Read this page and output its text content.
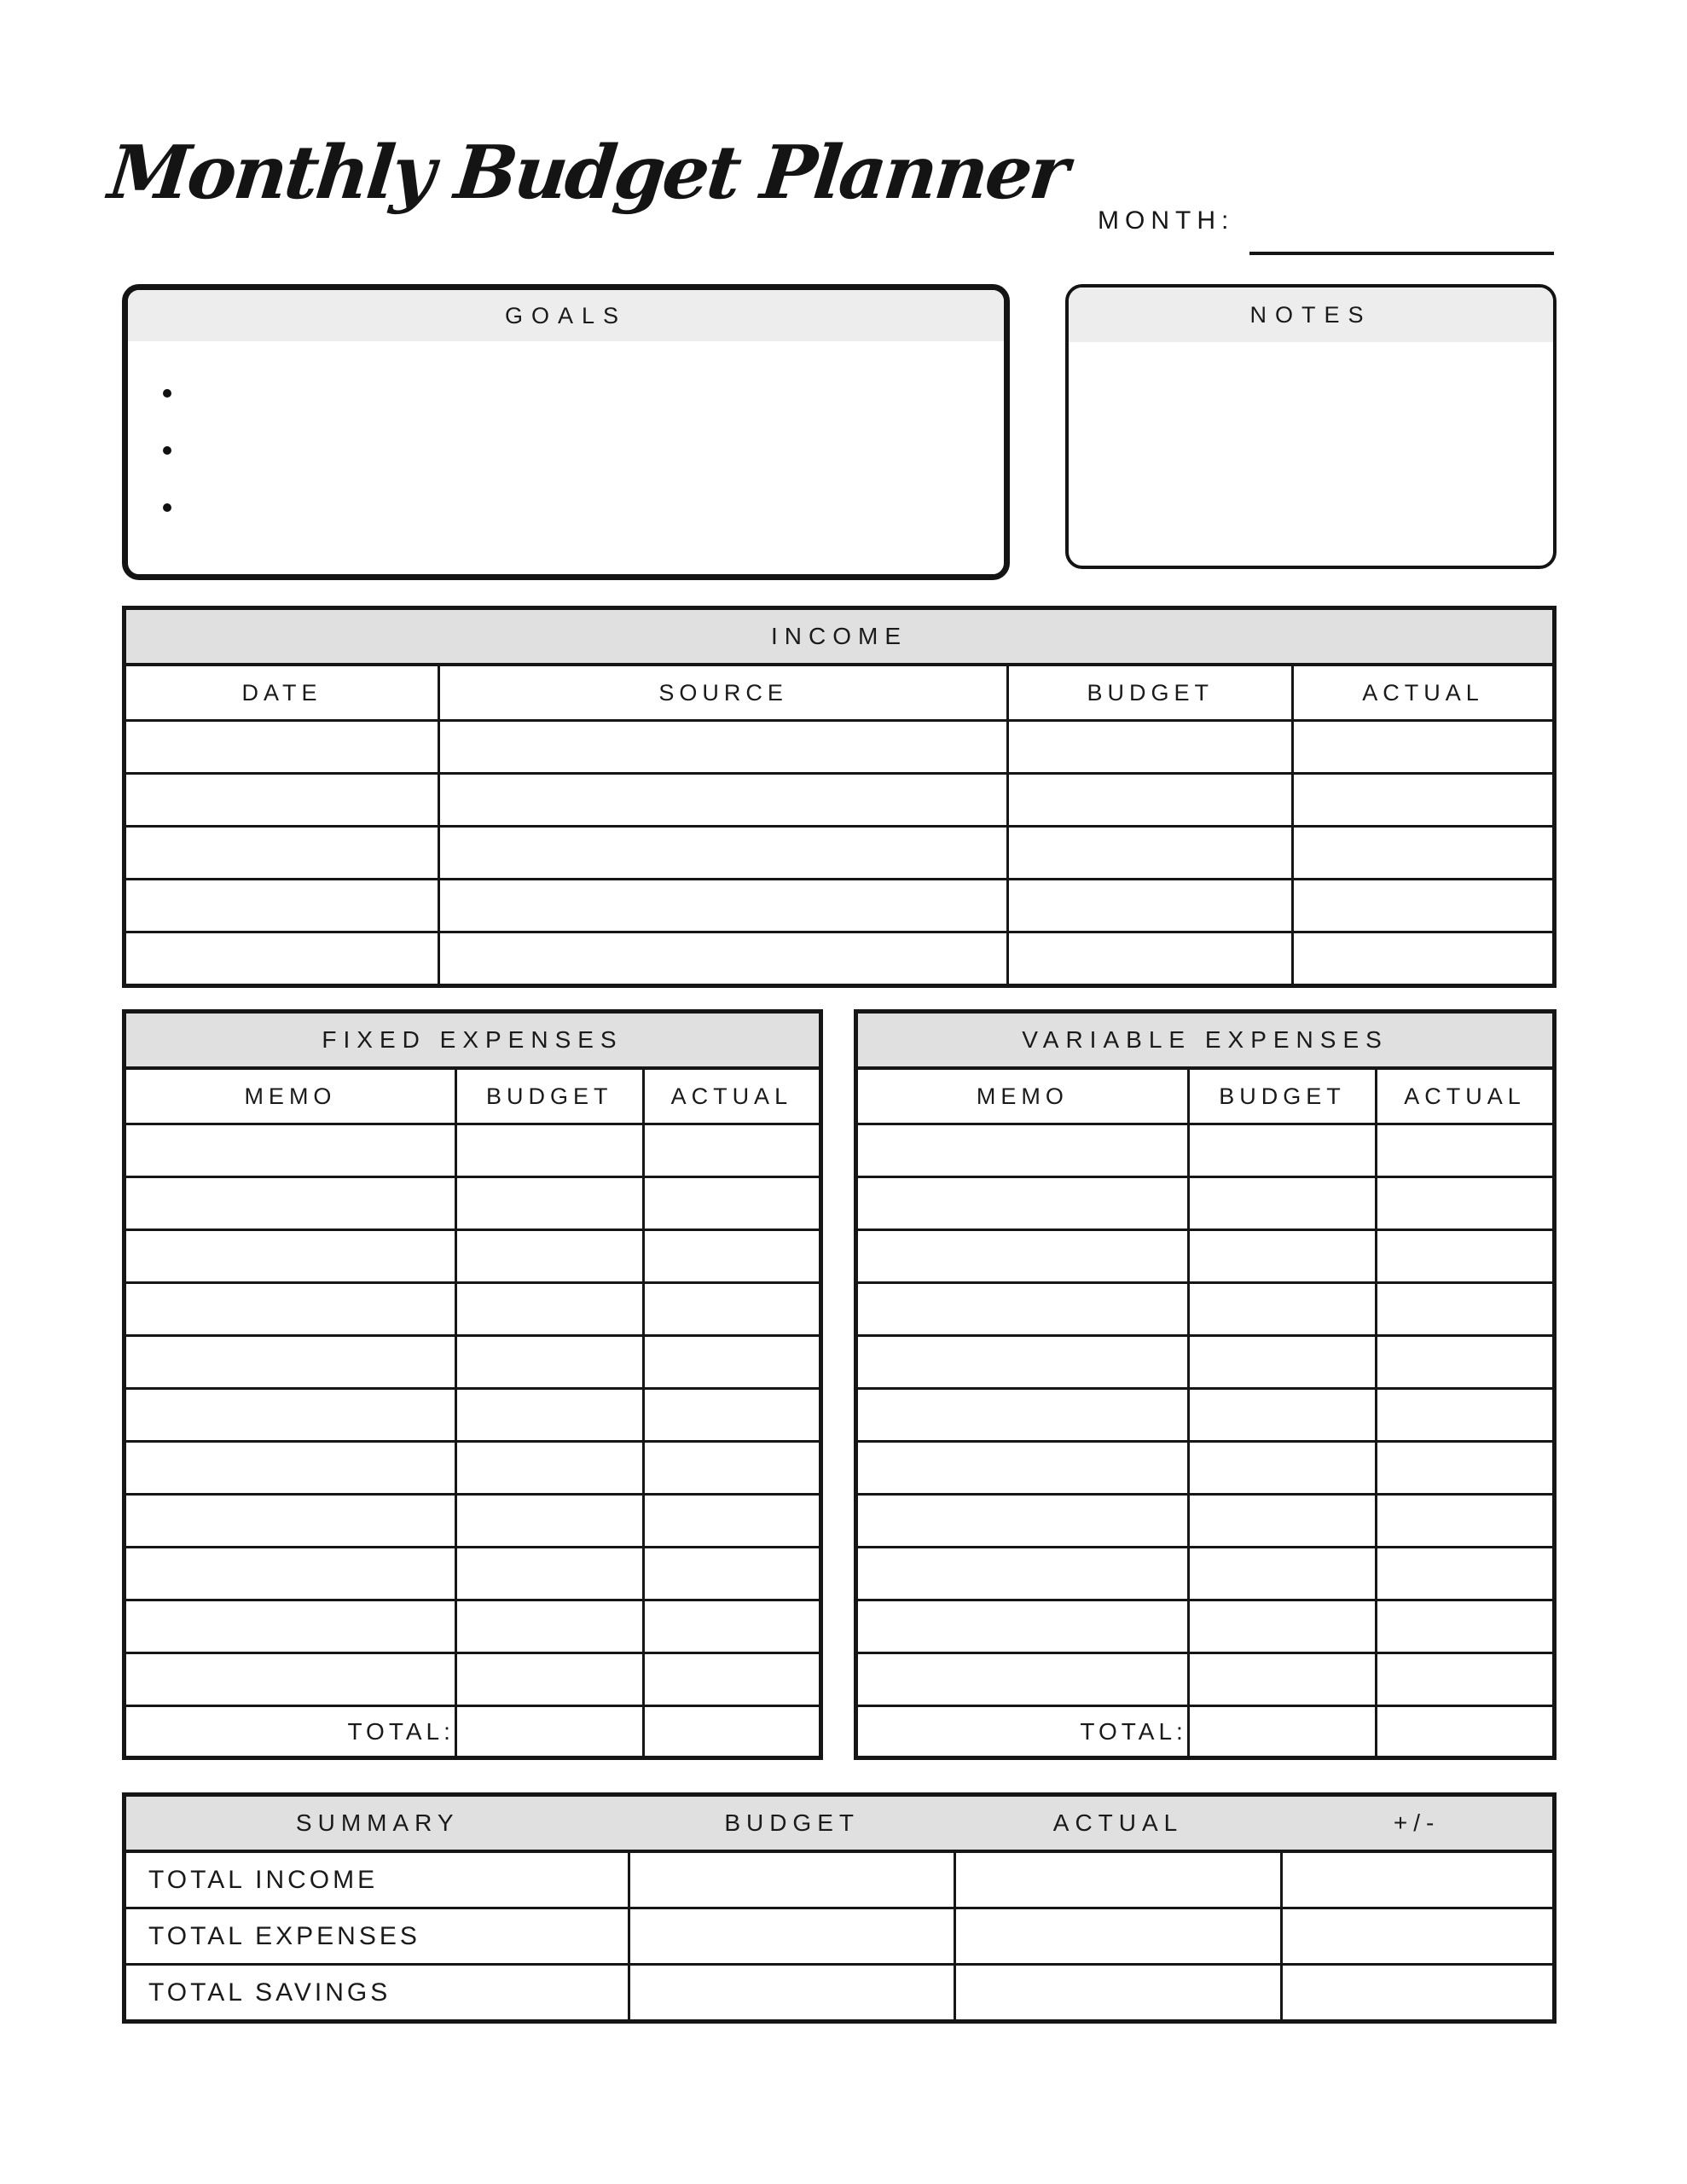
Monthly Budget Planner
MONTH:
GOALS	NOTES
INCOME			
DATE	SOURCE	BUDGET	ACTUAL

FIXED EXPENSES		
MEMO	BUDGET	ACTUAL

TOTAL:		
VARIABLE EXPENSES		
MEMO	BUDGET	ACTUAL

TOTAL:		
SUMMARY	BUDGET	ACTUAL	+/-
TOTAL INCOME			
TOTAL EXPENSES			
TOTAL SAVINGS			
